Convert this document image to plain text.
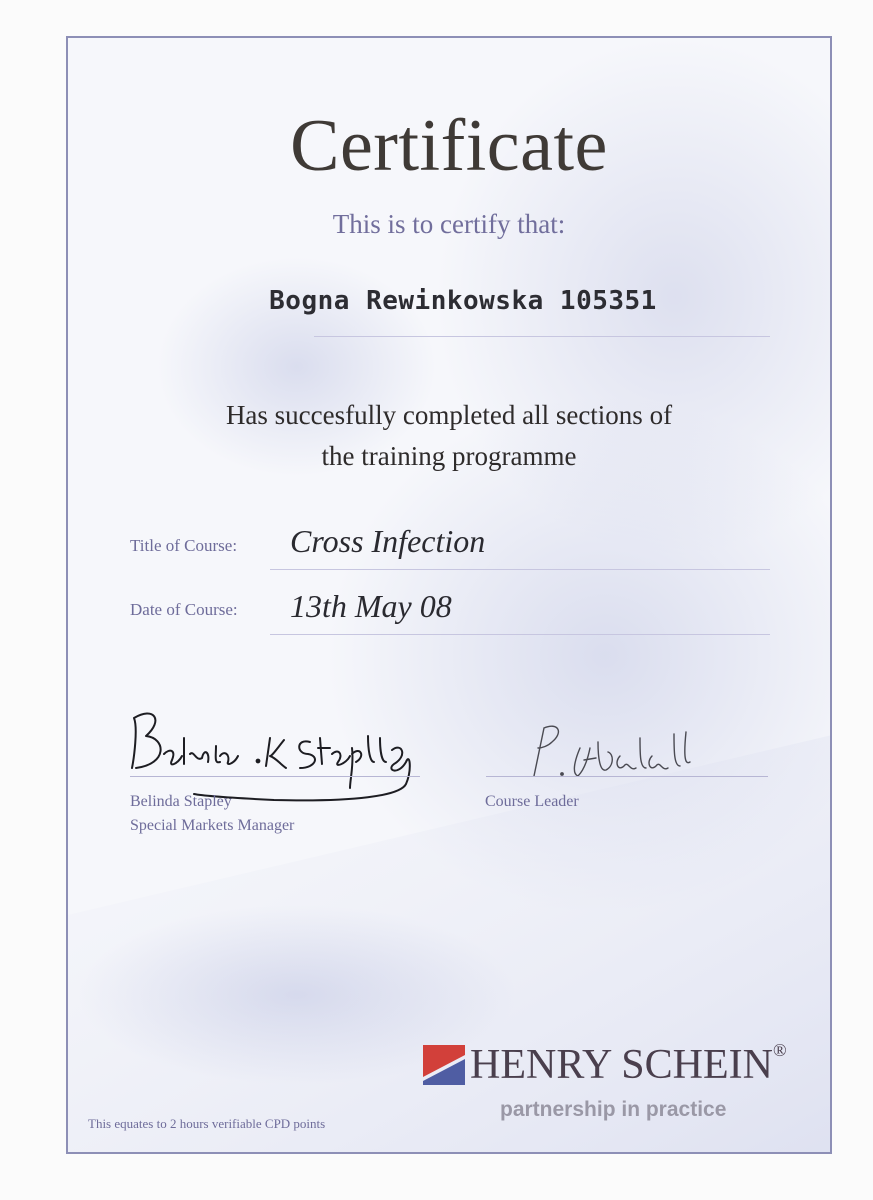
Certificate
This is to certify that:
Bogna Rewinkowska 105351
Has succesfully completed all sections of
the training programme
Title of Course: Cross Infection
Date of Course: 13th May 08
Belinda Stapley
Special Markets Manager
Course Leader
HENRY SCHEIN®
partnership in practice
This equates to 2 hours verifiable CPD points
